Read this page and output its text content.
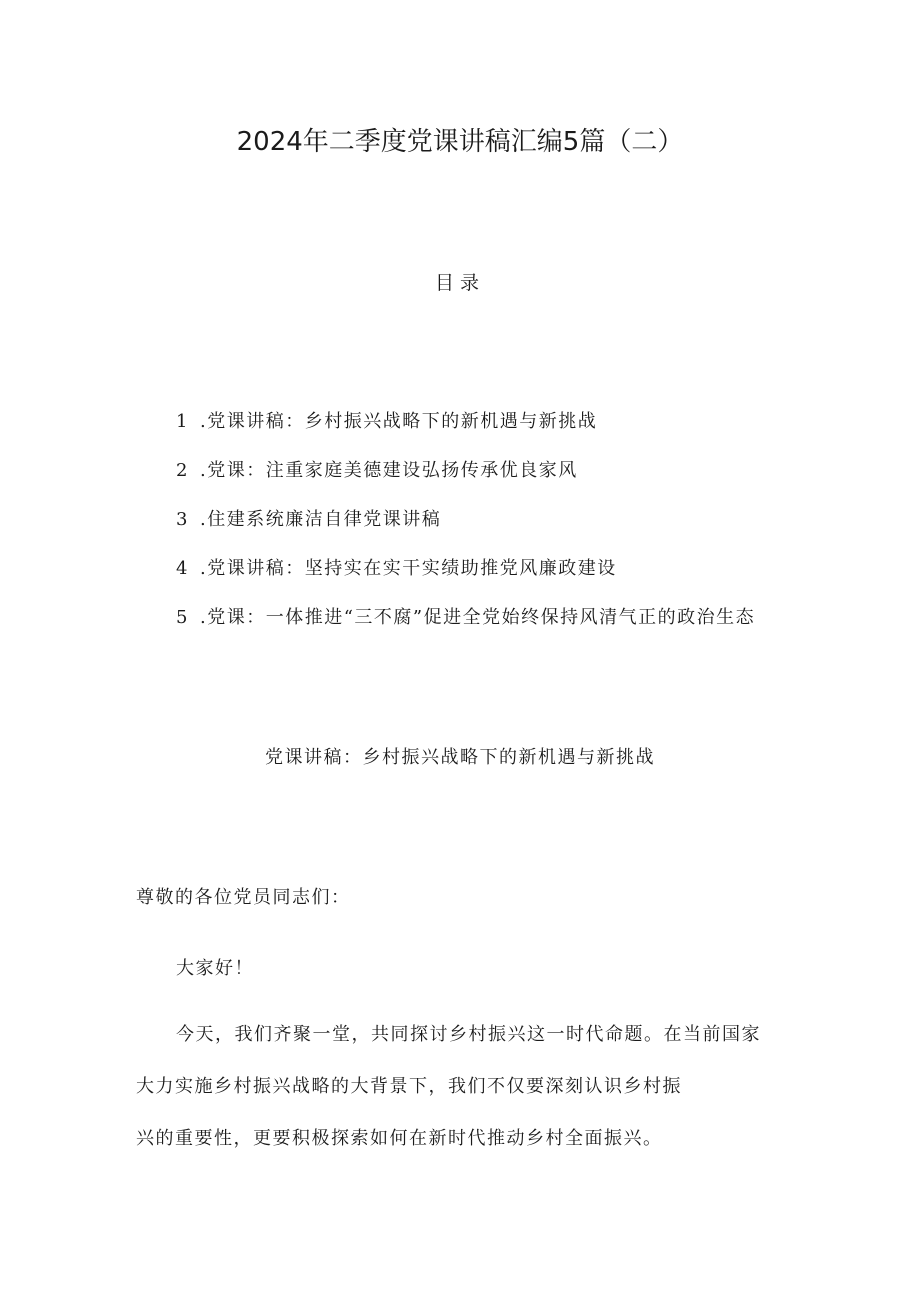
2024年二季度党课讲稿汇编5篇（二）
目录
1 .党课讲稿：乡村振兴战略下的新机遇与新挑战
2 .党课：注重家庭美德建设弘扬传承优良家风
3 .住建系统廉洁自律党课讲稿
4 .党课讲稿：坚持实在实干实绩助推党风廉政建设
5 .党课：一体推进“三不腐”促进全党始终保持风清气正的政治生态
党课讲稿：乡村振兴战略下的新机遇与新挑战
尊敬的各位党员同志们：
大家好！
今天，我们齐聚一堂，共同探讨乡村振兴这一时代命题。在当前国家
大力实施乡村振兴战略的大背景下，我们不仅要深刻认识乡村振
兴的重要性，更要积极探索如何在新时代推动乡村全面振兴。
